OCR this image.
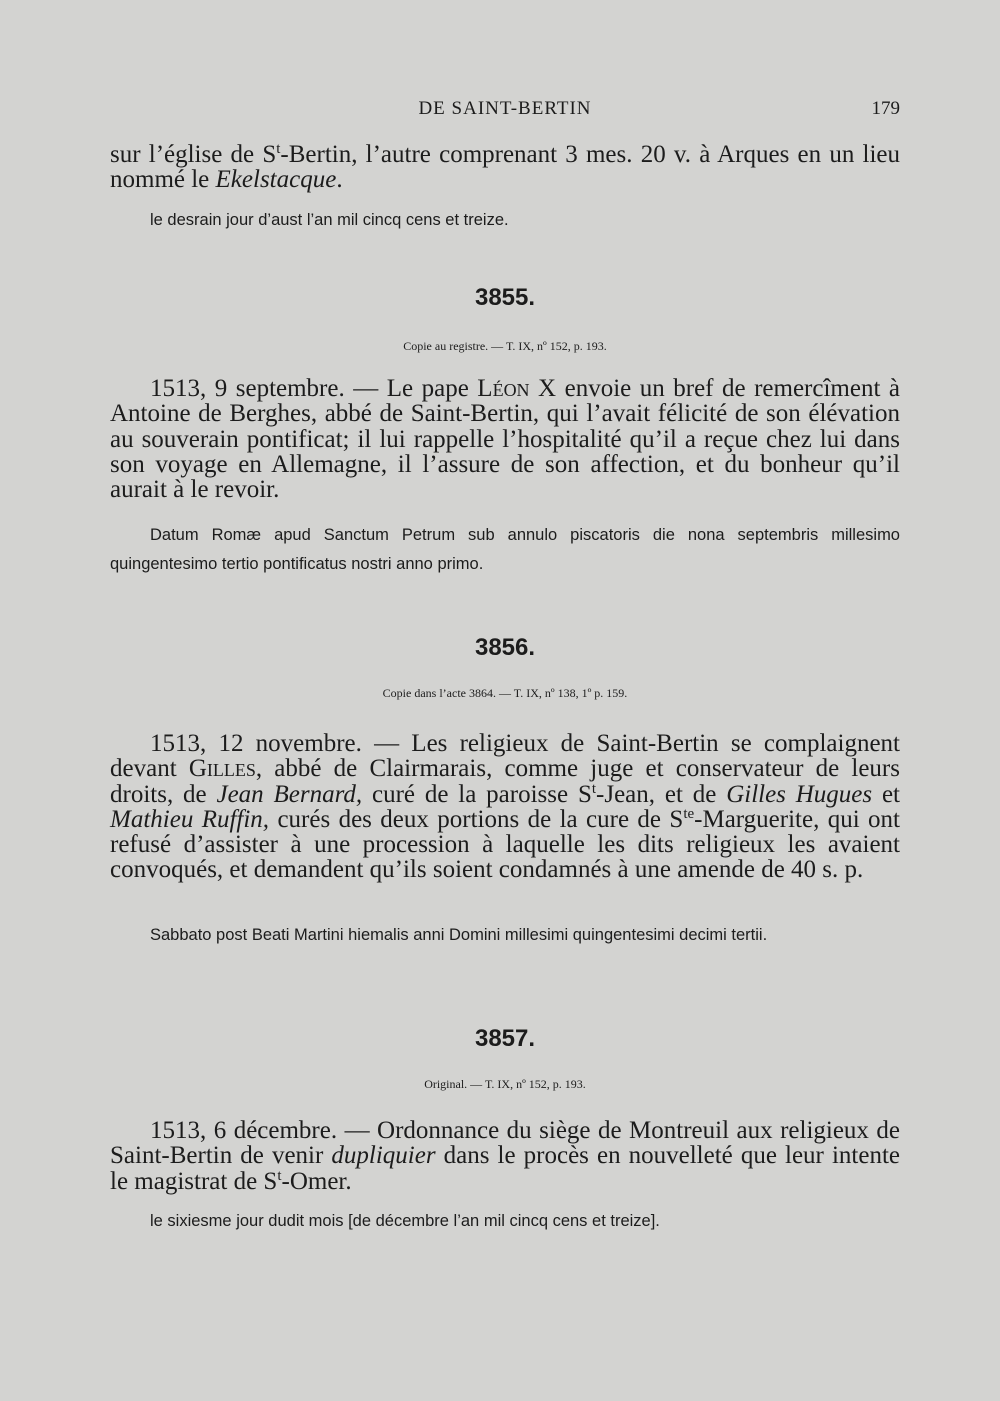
DE SAINT-BERTIN	179

sur l’église de $S^t$-Bertin, l’autre comprenant 3 mes. 20 v. à Arques en un lieu nommé le Ekelstacque.

le desrain jour d’aust l’an mil cincq cens et treize.

3855.
Copie au registre. — T. IX, nº 152, p. 193.

1513, 9 septembre. — Le pape Léon X envoie un bref de remercîment à Antoine de Berghes, abbé de Saint-Bertin, qui l’avait félicité de son élévation au souverain pontificat; il lui rappelle l’hospitalité qu’il a reçue chez lui dans son voyage en Allemagne, il l’assure de son affection, et du bonheur qu’il aurait à le revoir.

Datum Romæ apud Sanctum Petrum sub annulo piscatoris die nona septembris millesimo quingentesimo tertio pontificatus nostri anno primo.

3856.
Copie dans l’acte 3864. — T. IX, nº 138, 1º p. 159.

1513, 12 novembre. — Les religieux de Saint-Bertin se complaignent devant Gilles, abbé de Clairmarais, comme juge et conservateur de leurs droits, de Jean Bernard, curé de la paroisse $S^t$-Jean, et de Gilles Hugues et Mathieu Ruffin, curés des deux portions de la cure de $S^{te}$-Marguerite, qui ont refusé d’assister à une procession à laquelle les dits religieux les avaient convoqués, et demandent qu’ils soient condamnés à une amende de 40 s. p.

Sabbato post Beati Martini hiemalis anni Domini millesimi quingentesimi decimi tertii.

3857.
Original. — T. IX, nº 152, p. 193.

1513, 6 décembre. — Ordonnance du siège de Montreuil aux religieux de Saint-Bertin de venir dupliquier dans le procès en nouvelleté que leur intente le magistrat de $S^t$-Omer.

le sixiesme jour dudit mois [de décembre l’an mil cincq cens et treize].
